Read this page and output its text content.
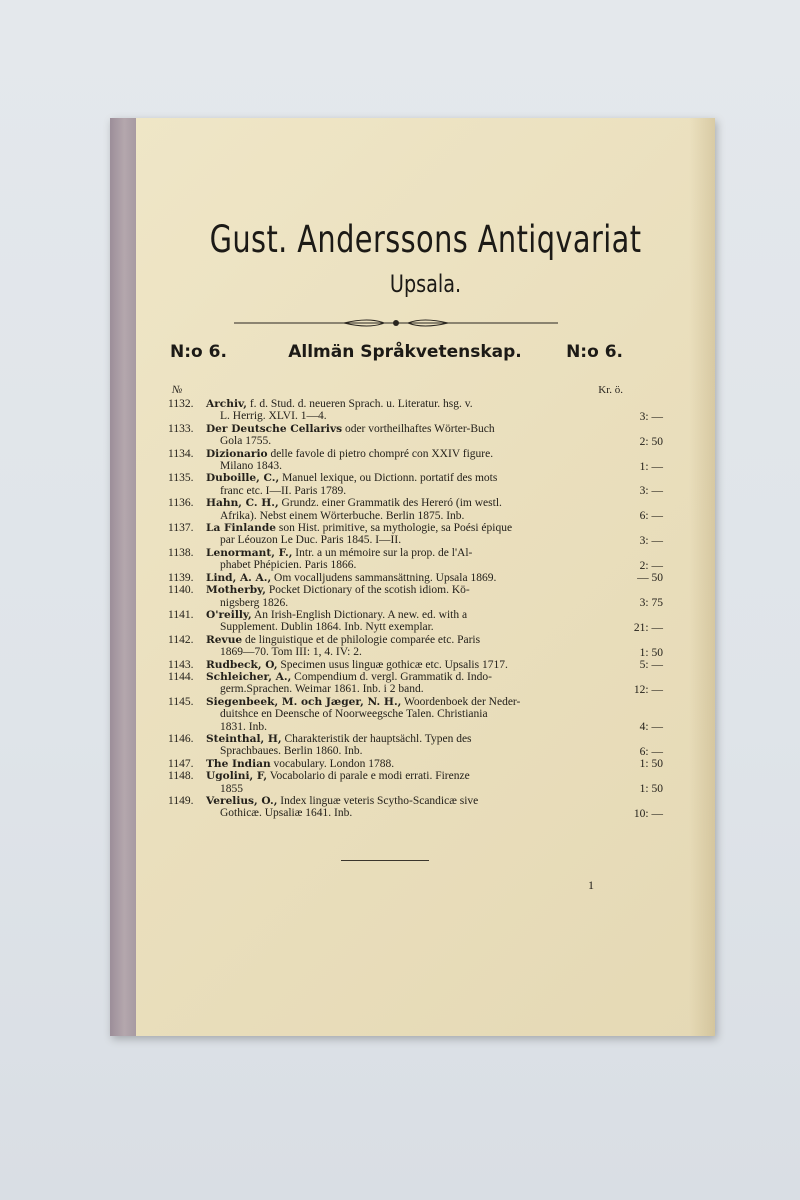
Gust. Anderssons Antiqvariat
Upsala.
N:o 6.	Allmän Språkvetenskap.	N:o 6.
№	Kr. ö.
1132.	Archiv, f. d. Stud. d. neueren Sprach. u. Literatur. hsg. v.
L. Herrig. XLVI. 1—4.	3: —
1133.	Der Deutsche Cellarivs oder vortheilhaftes Wörter-Buch
Gola 1755.	2: 50
1134.	Dizionario delle favole di pietro chompré con XXIV figure.
Milano 1843.	1: —
1135.	Duboille, C., Manuel lexique, ou Dictionn. portatif des mots
franc etc. I—II. Paris 1789.	3: —
1136.	Hahn, C. H., Grundz. einer Grammatik des Hereró (im westl.
Afrika). Nebst einem Wörterbuche. Berlin 1875. Inb.	6: —
1137.	La Finlande son Hist. primitive, sa mythologie, sa Poési épique
par Léouzon Le Duc. Paris 1845. I—II.	3: —
1138.	Lenormant, F., Intr. a un mémoire sur la prop. de l'Al-
phabet Phépicien. Paris 1866.	2: —
1139.	Lind, A. A., Om vocalljudens sammansättning. Upsala 1869.	— 50
1140.	Motherby, Pocket Dictionary of the scotish idiom. Kö-
nigsberg 1826.	3: 75
1141.	O'reilly, An Irish-English Dictionary. A new. ed. with a
Supplement. Dublin 1864. Inb. Nytt exemplar.	21: —
1142.	Revue de linguistique et de philologie comparée etc. Paris
1869—70. Tom III: 1, 4. IV: 2.	1: 50
1143.	Rudbeck, O, Specimen usus linguæ gothicæ etc. Upsalis 1717.	5: —
1144.	Schleicher, A., Compendium d. vergl. Grammatik d. Indo-
germ.Sprachen. Weimar 1861. Inb. i 2 band.	12: —
1145.	Siegenbeek, M. och Jæger, N. H., Woordenboek der Neder-
duitshce en Deensche of Noorweegsche Talen. Christiania
1831. Inb.	4: —
1146.	Steinthal, H, Charakteristik der hauptsächl. Typen des
Sprachbaues. Berlin 1860. Inb.	6: —
1147.	The Indian vocabulary. London 1788.	1: 50
1148.	Ugolini, F, Vocabolario di parale e modi errati. Firenze
1855	1: 50
1149.	Verelius, O., Index linguæ veteris Scytho-Scandicæ sive
Gothicæ. Upsaliæ 1641. Inb.	10: —
1
